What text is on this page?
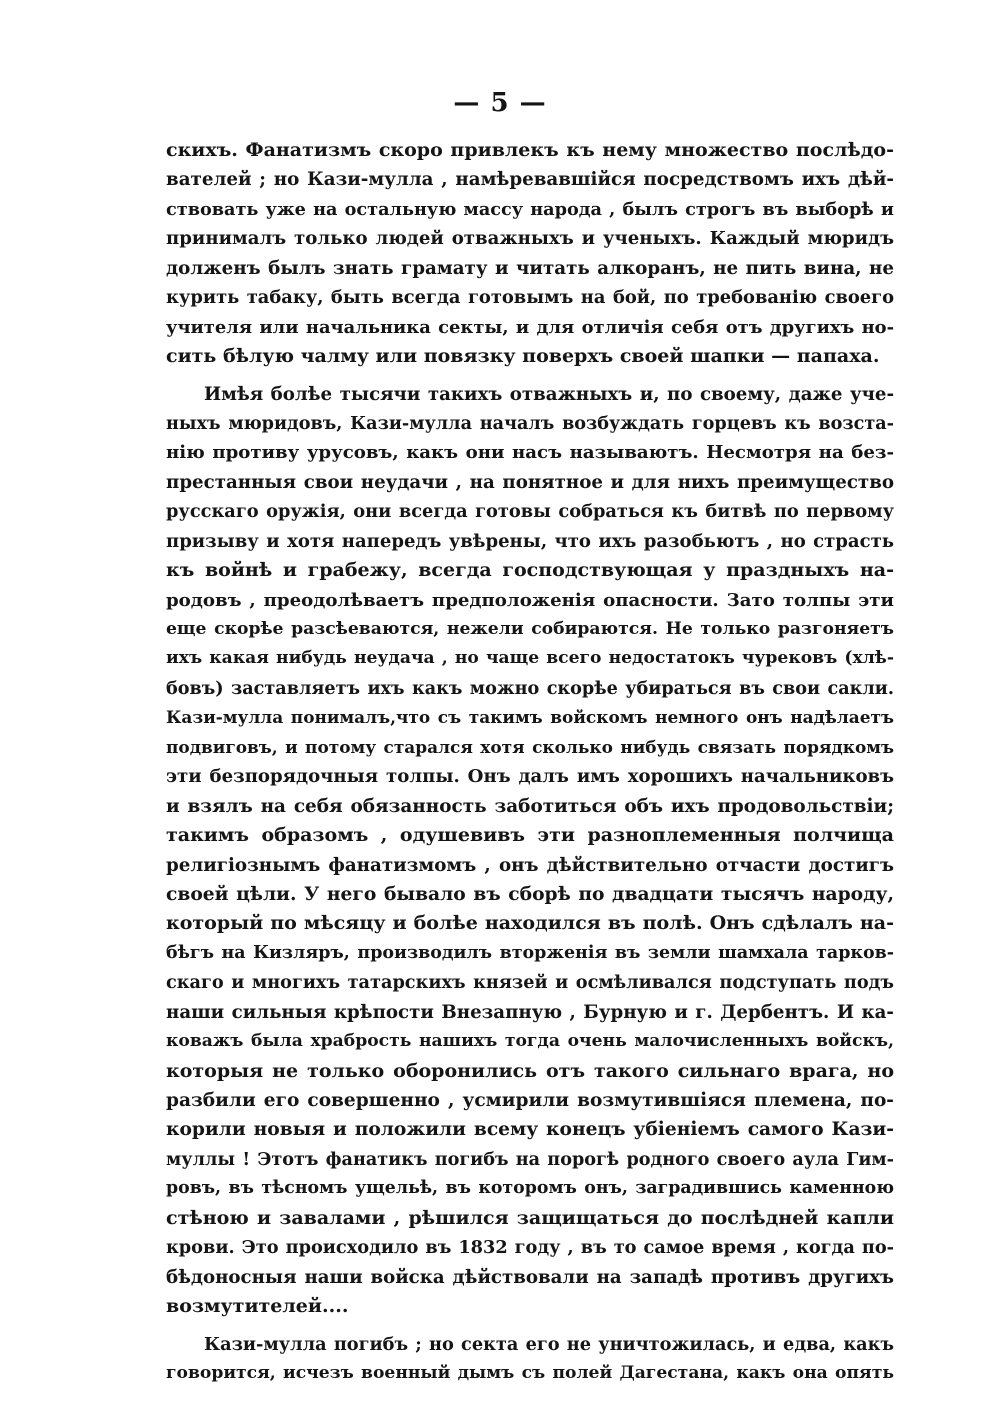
— 5 —
скихъ. Фанатизмъ скоро привлекъ къ нему множество послѣдо-
вателей ; но Кази-мулла , намѣревавшійся посредствомъ ихъ дѣй-
ствовать уже на остальную массу народа , былъ строгъ въ выборѣ и
принималъ только людей отважныхъ и ученыхъ. Каждый мюридъ
долженъ былъ знать грамату и читать алкоранъ, не пить вина, не
курить табаку, быть всегда готовымъ на бой, по требованію своего
учителя или начальника секты, и для отличія себя отъ другихъ но-
сить бѣлую чалму или повязку поверхъ своей шапки — папаха.
Имѣя болѣе тысячи такихъ отважныхъ и, по своему, даже уче-
ныхъ мюридовъ, Кази-мулла началъ возбуждать горцевъ къ возста-
нію противу урусовъ, какъ они насъ называютъ. Несмотря на без-
престанныя свои неудачи , на понятное и для нихъ преимущество
русскаго оружія, они всегда готовы собраться къ битвѣ по первому
призыву и хотя напередъ увѣрены, что ихъ разобьютъ , но страсть
къ войнѣ и грабежу, всегда господствующая у праздныхъ на-
родовъ , преодолѣваетъ предположенія опасности. Зато толпы эти
еще скорѣе разсѣеваются, нежели собираются. Не только разгоняетъ
ихъ какая нибудь неудача , но чаще всего недостатокъ чурековъ (хлѣ-
бовъ) заставляетъ ихъ какъ можно скорѣе убираться въ свои сакли.
Кази-мулла понималъ,что съ такимъ войскомъ немного онъ надѣлаетъ
подвиговъ, и потому старался хотя сколько нибудь связать порядкомъ
эти безпорядочныя толпы. Онъ далъ имъ хорошихъ начальниковъ
и взялъ на себя обязанность заботиться объ ихъ продовольствіи;
такимъ образомъ , одушевивъ эти разноплеменныя полчища
религіознымъ фанатизмомъ , онъ дѣйствительно отчасти достигъ
своей цѣли. У него бывало въ сборѣ по двадцати тысячъ народу,
который по мѣсяцу и болѣе находился въ полѣ. Онъ сдѣлалъ на-
бѣгъ на Кизляръ, производилъ вторженія въ земли шамхала тарков-
скаго и многихъ татарскихъ князей и осмѣливался подступать подъ
наши сильныя крѣпости Внезапную , Бурную и г. Дербентъ. И ка-
коважъ была храбрость нашихъ тогда очень малочисленныхъ войскъ,
которыя не только оборонились отъ такого сильнаго врага, но
разбили его совершенно , усмирили возмутившіяся племена, по-
корили новыя и положили всему конецъ убіеніемъ самого Кази-
муллы ! Этотъ фанатикъ погибъ на порогѣ родного своего аула Гим-
ровъ, въ тѣсномъ ущельѣ, въ которомъ онъ, заградившись каменною
стѣною и завалами , рѣшился защищаться до послѣдней капли
крови. Это происходило въ 1832 году , въ то самое время , когда по-
бѣдоносныя наши войска дѣйствовали на западѣ противъ другихъ
возмутителей....
Кази-мулла погибъ ; но секта его не уничтожилась, и едва, какъ
говорится, исчезъ военный дымъ съ полей Дагестана, какъ она опять
